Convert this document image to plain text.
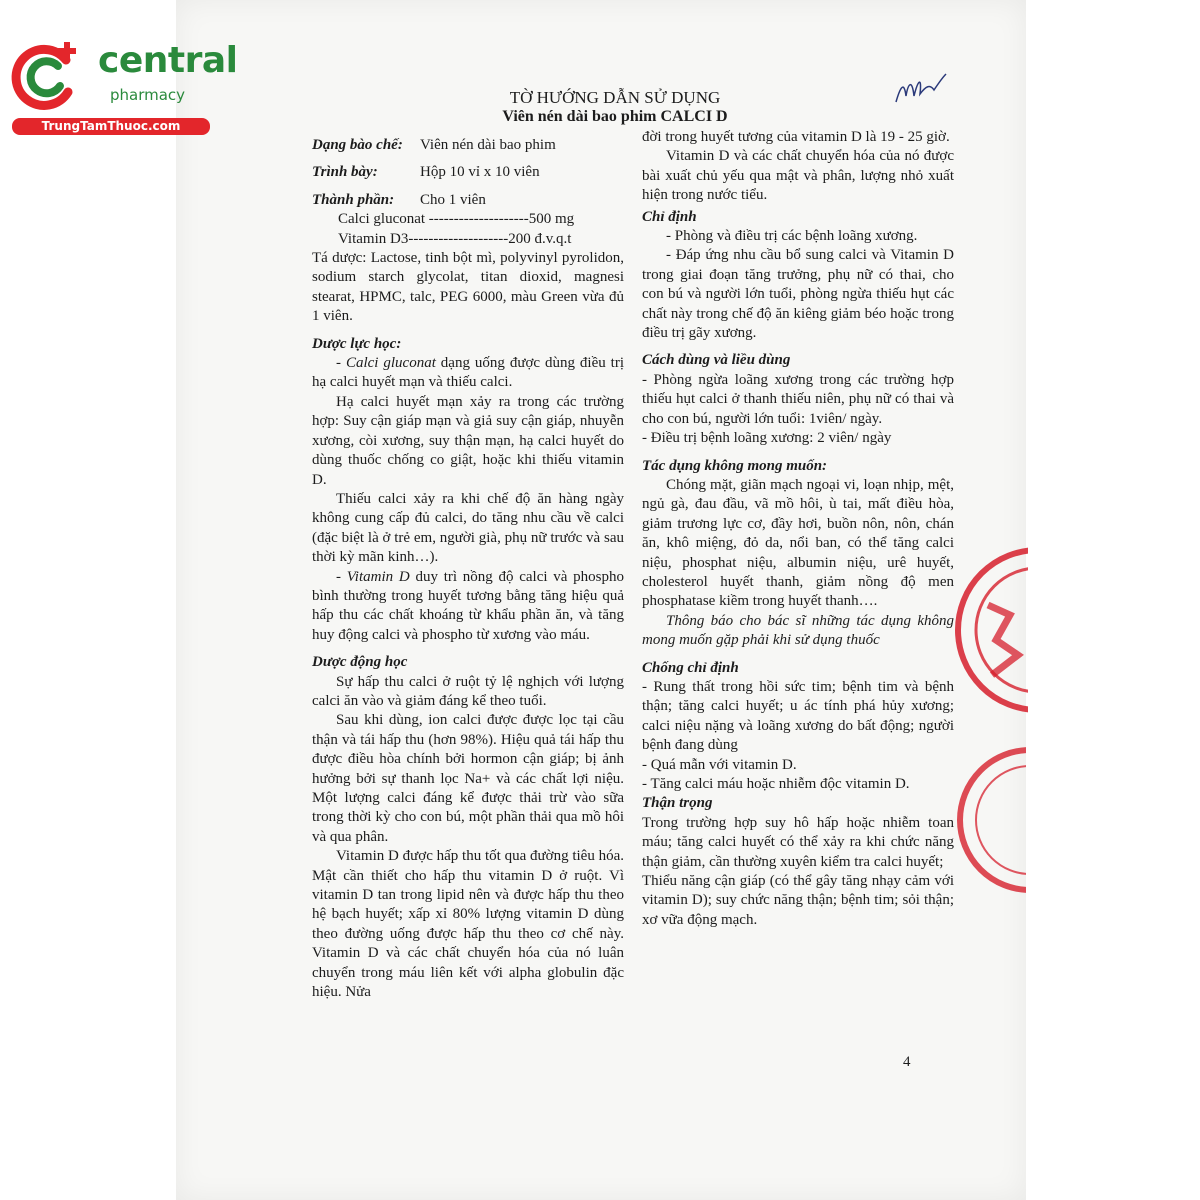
central
pharmacy
TrungTamThuoc.com
TỜ HƯỚNG DẪN SỬ DỤNG
Viên nén dài bao phim CALCI D
Dạng bào chế:	Viên nén dài bao phim
Trình bày:	Hộp 10 vỉ x 10 viên
Thành phần:	Cho 1 viên

Calci gluconat --------------------500 mg

Vitamin D3--------------------200 đ.v.q.t

Tá dược: Lactose, tinh bột mì, polyvinyl pyrolidon, sodium starch glycolat, titan dioxid, magnesi stearat, HPMC, talc, PEG 6000, màu Green vừa đủ 1 viên.

Dược lực học:

- Calci gluconat dạng uống được dùng điều trị hạ calci huyết mạn và thiếu calci.

Hạ calci huyết mạn xảy ra trong các trường hợp: Suy cận giáp mạn và giả suy cận giáp, nhuyễn xương, còi xương, suy thận mạn, hạ calci huyết do dùng thuốc chống co giật, hoặc khi thiếu vitamin D.

Thiếu calci xảy ra khi chế độ ăn hàng ngày không cung cấp đủ calci, do tăng nhu cầu về calci (đặc biệt là ở trẻ em, người già, phụ nữ trước và sau thời kỳ mãn kinh…).

- Vitamin D duy trì nồng độ calci và phospho bình thường trong huyết tương bằng tăng hiệu quả hấp thu các chất khoáng từ khẩu phần ăn, và tăng huy động calci và phospho từ xương vào máu.

Dược động học

Sự hấp thu calci ở ruột tỷ lệ nghịch với lượng calci ăn vào và giảm đáng kể theo tuổi.

Sau khi dùng, ion calci được được lọc tại cầu thận và tái hấp thu (hơn 98%). Hiệu quả tái hấp thu được điều hòa chính bởi hormon cận giáp; bị ảnh hưởng bởi sự thanh lọc Na+ và các chất lợi niệu. Một lượng calci đáng kể được thải trừ vào sữa trong thời kỳ cho con bú, một phần thải qua mồ hôi và qua phân.

Vitamin D được hấp thu tốt qua đường tiêu hóa. Mật cần thiết cho hấp thu vitamin D ở ruột. Vì vitamin D tan trong lipid nên và được hấp thu theo hệ bạch huyết; xấp xỉ 80% lượng vitamin D dùng theo đường uống được hấp thu theo cơ chế này. Vitamin D và các chất chuyển hóa của nó luân chuyển trong máu liên kết với alpha globulin đặc hiệu. Nửa

đời trong huyết tương của vitamin D là 19 - 25 giờ.

Vitamin D và các chất chuyển hóa của nó được bài xuất chủ yếu qua mật và phân, lượng nhỏ xuất hiện trong nước tiểu.

Chỉ định

- Phòng và điều trị các bệnh loãng xương.

- Đáp ứng nhu cầu bổ sung calci và Vitamin D trong giai đoạn tăng trưởng, phụ nữ có thai, cho con bú và người lớn tuổi, phòng ngừa thiếu hụt các chất này trong chế độ ăn kiêng giảm béo hoặc trong điều trị gãy xương.

Cách dùng và liều dùng

- Phòng ngừa loãng xương trong các trường hợp thiếu hụt calci ở thanh thiếu niên, phụ nữ có thai và cho con bú, người lớn tuổi: 1viên/ ngày.

- Điều trị bệnh loãng xương: 2 viên/ ngày

Tác dụng không mong muốn:

Chóng mặt, giãn mạch ngoại vi, loạn nhịp, mệt, ngủ gà, đau đầu, vã mồ hôi, ù tai, mất điều hòa, giảm trương lực cơ, đầy hơi, buồn nôn, nôn, chán ăn, khô miệng, đỏ da, nổi ban, có thể tăng calci niệu, phosphat niệu, albumin niệu, urê huyết, cholesterol huyết thanh, giảm nồng độ men phosphatase kiềm trong huyết thanh….

Thông báo cho bác sĩ những tác dụng không mong muốn gặp phải khi sử dụng thuốc

Chống chỉ định

- Rung thất trong hồi sức tim; bệnh tim và bệnh thận; tăng calci huyết; u ác tính phá hủy xương; calci niệu nặng và loãng xương do bất động; người bệnh đang dùng

- Quá mẫn với vitamin D.

- Tăng calci máu hoặc nhiễm độc vitamin D.

Thận trọng

Trong trường hợp suy hô hấp hoặc nhiễm toan máu; tăng calci huyết có thể xảy ra khi chức năng thận giảm, cần thường xuyên kiểm tra calci huyết;

Thiểu năng cận giáp (có thể gây tăng nhạy cảm với vitamin D); suy chức năng thận; bệnh tim; sỏi thận; xơ vữa động mạch.

4
